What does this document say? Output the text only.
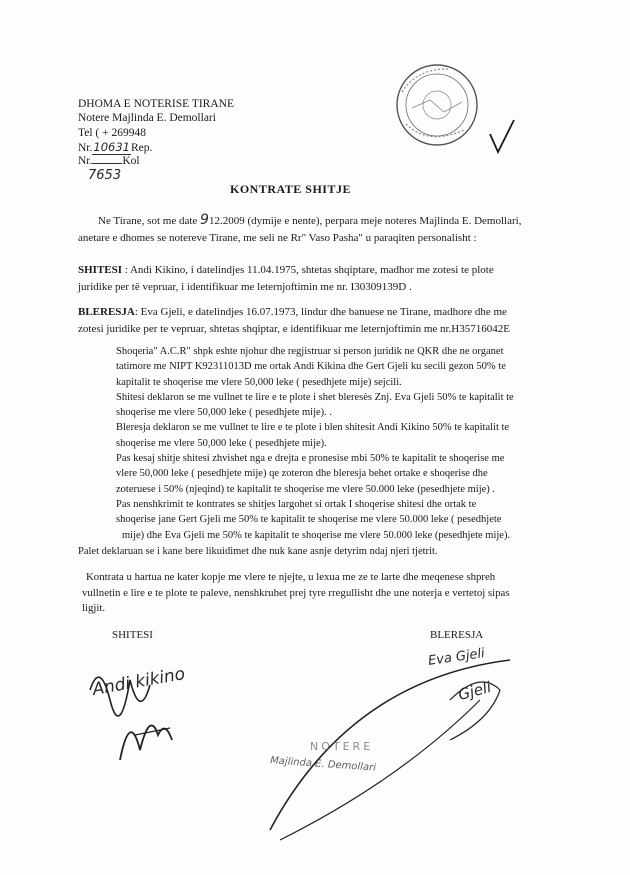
DHOMA E NOTERISE TIRANE
Notere Majlinda E. Demollari
Tel ( + 269948
Nr.10631Rep.
Nr.	Kol
7653
KONTRATE SHITJE
Ne Tirane, sot me date 912.2009 (dymije e nente), perpara meje noteres Majlinda E. Demollari,
anetare e dhomes se notereve Tirane, me seli ne Rr" Vaso Pasha" u paraqiten personalisht :
SHITESI : Andi Kikino, i datelindjes 11.04.1975, shtetas shqiptare, madhor me zotesi te plote
juridike per të vepruar, i identifikuar me leternjoftimin me nr. I30309139D .
BLERESJA: Eva Gjeli, e datelindjes 16.07.1973, lindur dhe banuese ne Tirane, madhore dhe me
zotesi juridike per te vepruar, shtetas shqiptar, e identifikuar me leternjoftimin me nr.H35716042E
Shoqeria" A.C.R" shpk eshte njohur dhe regjistruar si person juridik ne QKR dhe ne organet
tatimore me NIPT K92311013D me ortak Andi Kikina dhe Gert Gjeli ku secili gezon 50% te
kapitalit te shoqerise me vlere 50,000 leke ( pesedhjete mije) sejcili.
Shitesi deklaron se me vullnet te lire e te plote i shet bleresès Znj. Eva Gjeli 50% te kapitalit te
shoqerise me vlere 50,000 leke ( pesedhjete mije). .
Bleresja deklaron se me vullnet te lire e te plote i blen shitesit Andi Kikino 50% te kapitalit te
shoqerise me vlere 50,000 leke ( pesedhjete mije).
Pas kesaj shitje shitesi zhvishet nga e drejta e pronesise mbi 50% te kapitalit te shoqerise me
vlere 50,000 leke ( pesedhjete mije) qe zoteron dhe bleresja behet ortake e shoqerise dhe
zoteruese i 50% (njeqind) te kapitalit te shoqerise me vlere 50.000 leke (pesedhjete mije) .
Pas nenshkrimit te kontrates se shitjes largohet si ortak I shoqerise shitesi dhe ortak te
shoqerise jane Gert Gjeli me 50% te kapitalit te shoqerise me vlere 50.000 leke ( pesedhjete
mije) dhe Eva Gjeli me 50% te kapitalit te shoqerise me vlere 50.000 leke (pesedhjete mije).
Palet deklaruan se i kane bere likuidimet dhe nuk kane asnje detyrim ndaj njeri tjetrit.
Kontrata u hartua ne kater kopje me vlere te njejte, u lexua me ze te larte dhe meqenese shpreh
vullnetin e lire e te plote te paleve, nenshkruhet prej tyre rregullisht dhe une noterja e vertetoj sipas
ligjit.
SHITESI	BLERESJA
Eva Gjeli
Gjeli
Andi kikino
NOTERE
Majlinda E. Demollari
